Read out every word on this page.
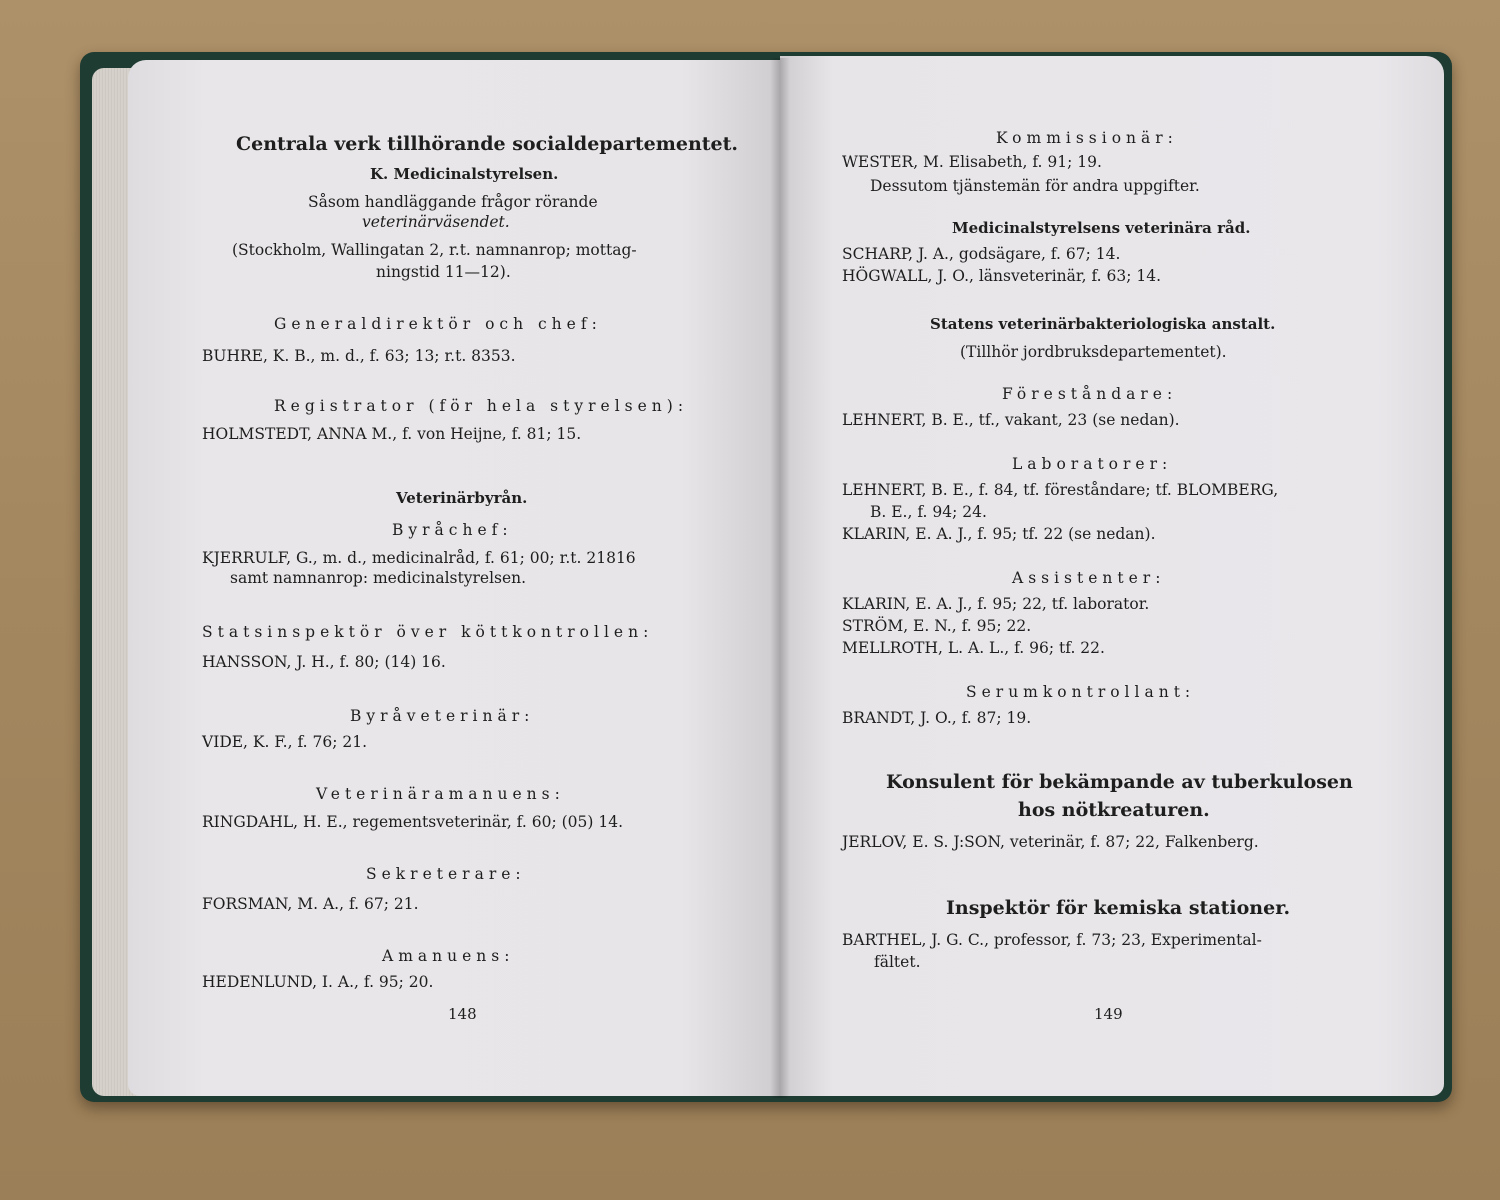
Centrala verk tillhörande socialdepartementet.
K. Medicinalstyrelsen.
Såsom handläggande frågor rörande
veterinärväsendet.
(Stockholm, Wallingatan 2, r.t. namnanrop; mottag-
ningstid 11—12).
Generaldirektör och chef:
BUHRE, K. B., m. d., f. 63; 13; r.t. 8353.
Registrator (för hela styrelsen):
HOLMSTEDT, ANNA M., f. von Heijne, f. 81; 15.
Veterinärbyrån.
Byråchef:
KJERRULF, G., m. d., medicinalråd, f. 61; 00; r.t. 21816
samt namnanrop: medicinalstyrelsen.
Statsinspektör över köttkontrollen:
HANSSON, J. H., f. 80; (14) 16.
Byråveterinär:
VIDE, K. F., f. 76; 21.
Veterinäramanuens:
RINGDAHL, H. E., regementsveterinär, f. 60; (05) 14.
Sekreterare:
FORSMAN, M. A., f. 67; 21.
Amanuens:
HEDENLUND, I. A., f. 95; 20.
148
Kommissionär:
WESTER, M. Elisabeth, f. 91; 19.
Dessutom tjänstemän för andra uppgifter.
Medicinalstyrelsens veterinära råd.
SCHARP, J. A., godsägare, f. 67; 14.
HÖGWALL, J. O., länsveterinär, f. 63; 14.
Statens veterinärbakteriologiska anstalt.
(Tillhör jordbruksdepartementet).
Föreståndare:
LEHNERT, B. E., tf., vakant, 23 (se nedan).
Laboratorer:
LEHNERT, B. E., f. 84, tf. föreståndare; tf. BLOMBERG,
B. E., f. 94; 24.
KLARIN, E. A. J., f. 95; tf. 22 (se nedan).
Assistenter:
KLARIN, E. A. J., f. 95; 22, tf. laborator.
STRÖM, E. N., f. 95; 22.
MELLROTH, L. A. L., f. 96; tf. 22.
Serumkontrollant:
BRANDT, J. O., f. 87; 19.
Konsulent för bekämpande av tuberkulosen
hos nötkreaturen.
JERLOV, E. S. J:SON, veterinär, f. 87; 22, Falkenberg.
Inspektör för kemiska stationer.
BARTHEL, J. G. C., professor, f. 73; 23, Experimental-
fältet.
149
